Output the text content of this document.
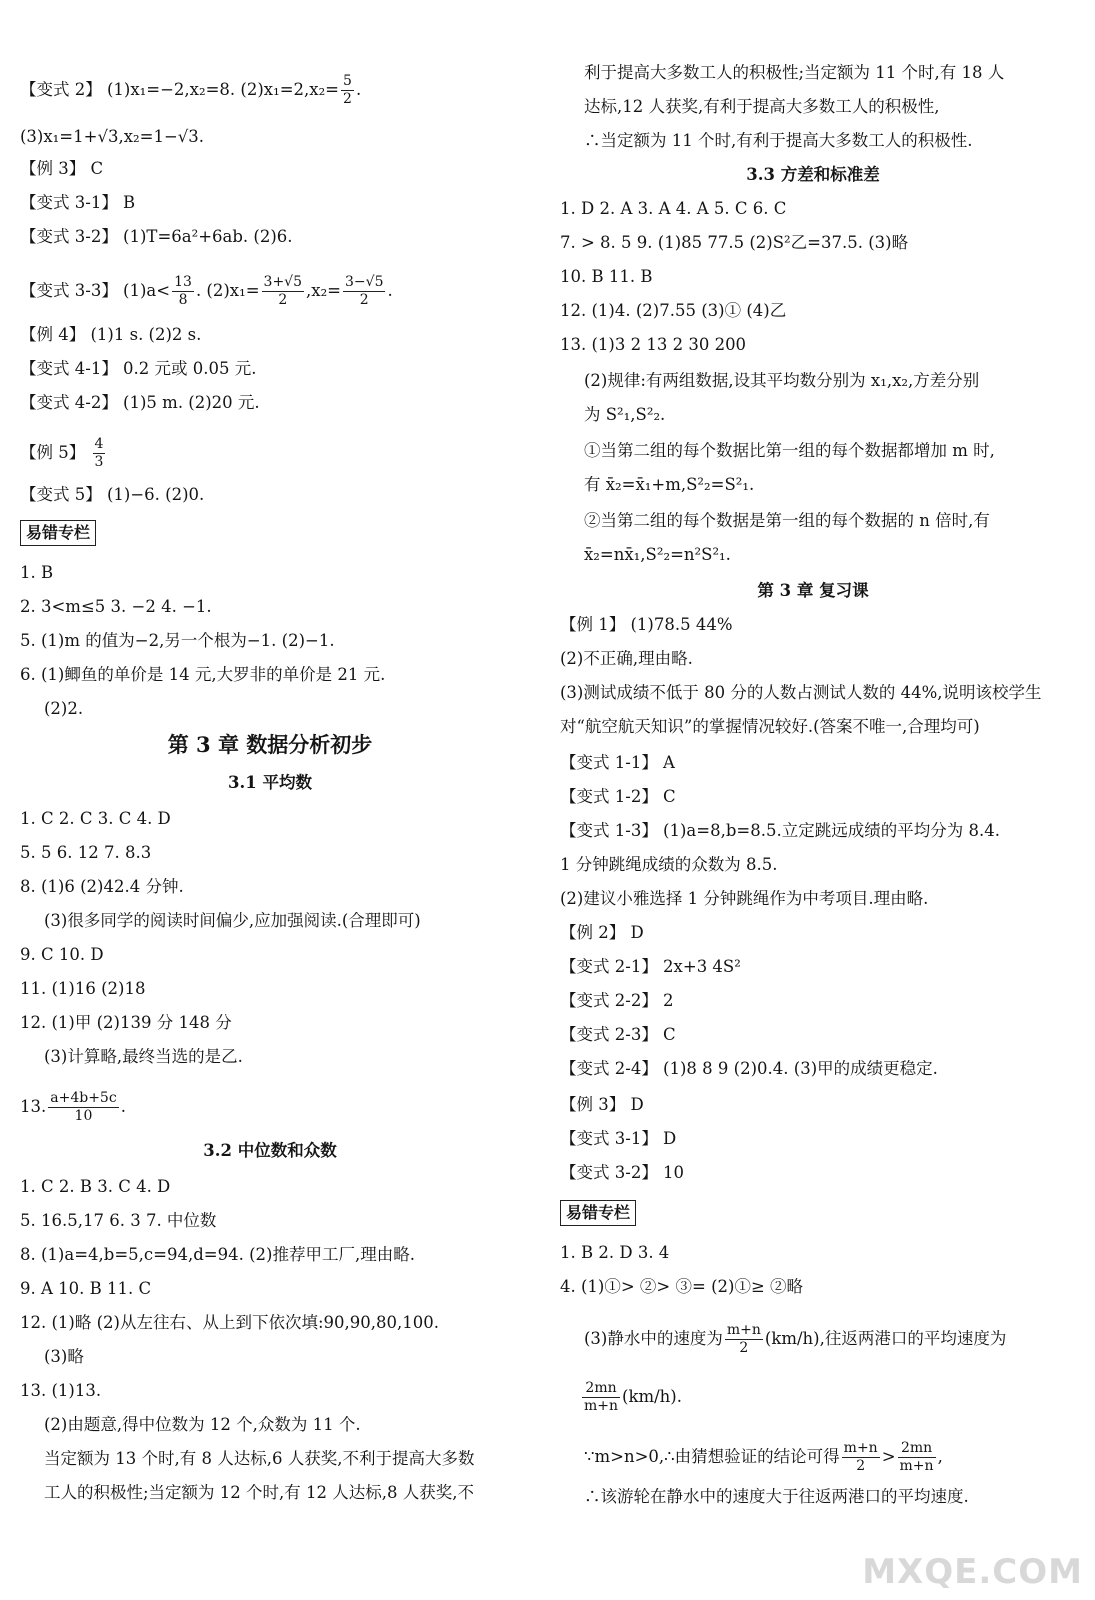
【变式 2】 (1)x₁=−2,x₂=8. $(2)x_1=2,x_2= \frac{5}{2}$ .
(3)x₁=1+√3,x₂=1−√3.
【例 3】 C
【变式 3-1】 B
【变式 3-2】 (1)T=6a²+6ab. (2)6.
【变式 3-3】 $(1)a< \frac{13}{8}$ . $(2)x_1= \frac{3+√5}{2} ,x_2= \frac{3-√5}{2}$ .
【例 4】 (1)1 s. (2)2 s.
【变式 4-1】 0.2 元或 0.05 元.
【变式 4-2】 (1)5 m. (2)20 元.
【例 5】 $\frac{4}{3}$
【变式 5】 (1)−6. (2)0.
易错专栏
1. B
2. 3<m≤5 3. −2 4. −1.
5. (1)m 的值为−2,另一个根为−1. (2)−1.
6. (1)鲫鱼的单价是 14 元,大罗非的单价是 21 元.
(2)2.
第 3 章 数据分析初步
3.1 平均数
1. C 2. C 3. C 4. D
5. 5 6. 12 7. 8.3
8. (1)6 (2)42.4 分钟.
(3)很多同学的阅读时间偏少,应加强阅读.(合理即可)
9. C 10. D
11. (1)16 (2)18
12. (1)甲 (2)139 分 148 分
(3)计算略,最终当选的是乙.
13. $\frac{a+4b+5c}{10}$ .
3.2 中位数和众数
1. C 2. B 3. C 4. D
5. 16.5,17 6. 3 7. 中位数
8. (1)a=4,b=5,c=94,d=94. (2)推荐甲工厂,理由略.
9. A 10. B 11. C
12. (1)略 (2)从左往右、从上到下依次填:90,90,80,100.
(3)略
13. (1)13.
(2)由题意,得中位数为 12 个,众数为 11 个.
当定额为 13 个时,有 8 人达标,6 人获奖,不利于提高大多数
工人的积极性;当定额为 12 个时,有 12 人达标,8 人获奖,不
利于提高大多数工人的积极性;当定额为 11 个时,有 18 人
达标,12 人获奖,有利于提高大多数工人的积极性,
∴当定额为 11 个时,有利于提高大多数工人的积极性.
3.3 方差和标准差
1. D 2. A 3. A 4. A 5. C 6. C
7. > 8. 5 9. (1)85 77.5 (2)S²乙=37.5. (3)略
10. B 11. B
12. (1)4. (2)7.55 (3)① (4)乙
13. (1)3 2 13 2 30 200
(2)规律:有两组数据,设其平均数分别为 x₁,x₂,方差分别
为 S²₁,S²₂.
①当第二组的每个数据比第一组的每个数据都增加 m 时,
有 x̄₂=x̄₁+m,S²₂=S²₁.
②当第二组的每个数据是第一组的每个数据的 n 倍时,有
x̄₂=nx̄₁,S²₂=n²S²₁.
第 3 章 复习课
【例 1】 (1)78.5 44%
(2)不正确,理由略.
(3)测试成绩不低于 80 分的人数占测试人数的 44%,说明该校学生
对“航空航天知识”的掌握情况较好.(答案不唯一,合理均可)
【变式 1-1】 A
【变式 1-2】 C
【变式 1-3】 (1)a=8,b=8.5.立定跳远成绩的平均分为 8.4.
1 分钟跳绳成绩的众数为 8.5.
(2)建议小雅选择 1 分钟跳绳作为中考项目.理由略.
【例 2】 D
【变式 2-1】 2x+3 4S²
【变式 2-2】 2
【变式 2-3】 C
【变式 2-4】 (1)8 8 9 (2)0.4. (3)甲的成绩更稳定.
【例 3】 D
【变式 3-1】 D
【变式 3-2】 10
易错专栏
1. B 2. D 3. 4
4. (1)①> ②> ③= (2)①≥ ②略
(3)静水中的速度为 $\frac{m+n}{2} (km/h)$,往返两港口的平均速度为
$\frac{2mn}{m+n} (km/h)$.
∵m>n>0,∴由猜想验证的结论可得 $\frac{m+n}{2} > \frac{2mn}{m+n}$ ,
∴该游轮在静水中的速度大于往返两港口的平均速度.
MXQE.COM
